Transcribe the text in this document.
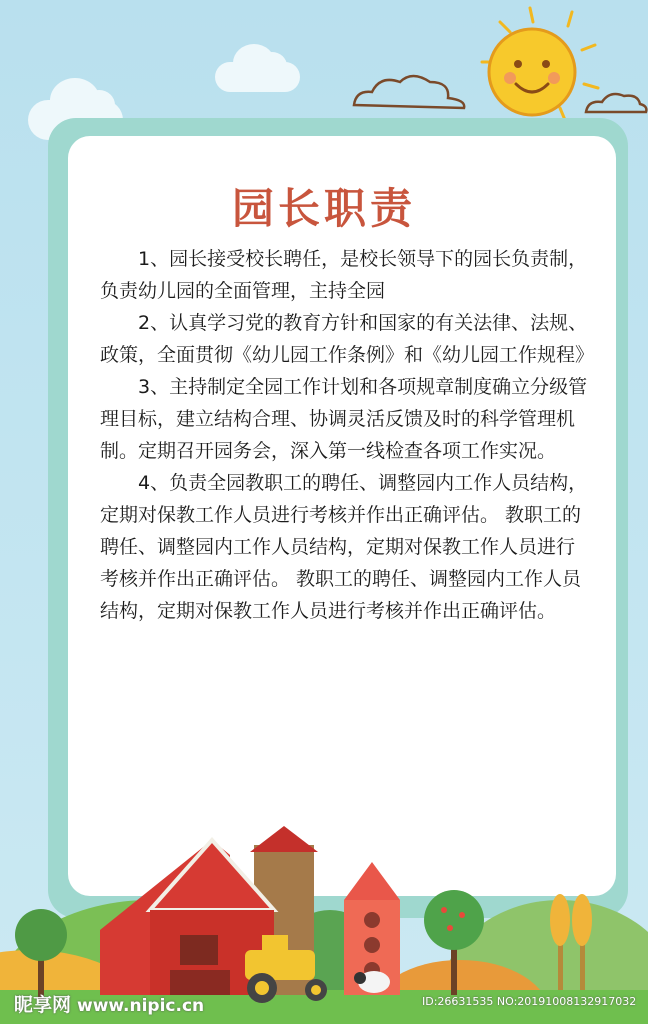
园长职责

1、园长接受校长聘任，是校长领导下的园长负责制，负责幼儿园的全面管理，主持全园

2、认真学习党的教育方针和国家的有关法律、法规、政策，全面贯彻《幼儿园工作条例》和《幼儿园工作规程》

3、主持制定全园工作计划和各项规章制度确立分级管理目标，建立结构合理、协调灵活反馈及时的科学管理机制。定期召开园务会，深入第一线检查各项工作实况。

4、负责全园教职工的聘任、调整园内工作人员结构，定期对保教工作人员进行考核并作出正确评估。 教职工的聘任、调整园内工作人员结构，定期对保教工作人员进行考核并作出正确评估。 教职工的聘任、调整园内工作人员结构，定期对保教工作人员进行考核并作出正确评估。

昵享网 www.nipic.cn	ID:26631535 NO:20191008132917032
